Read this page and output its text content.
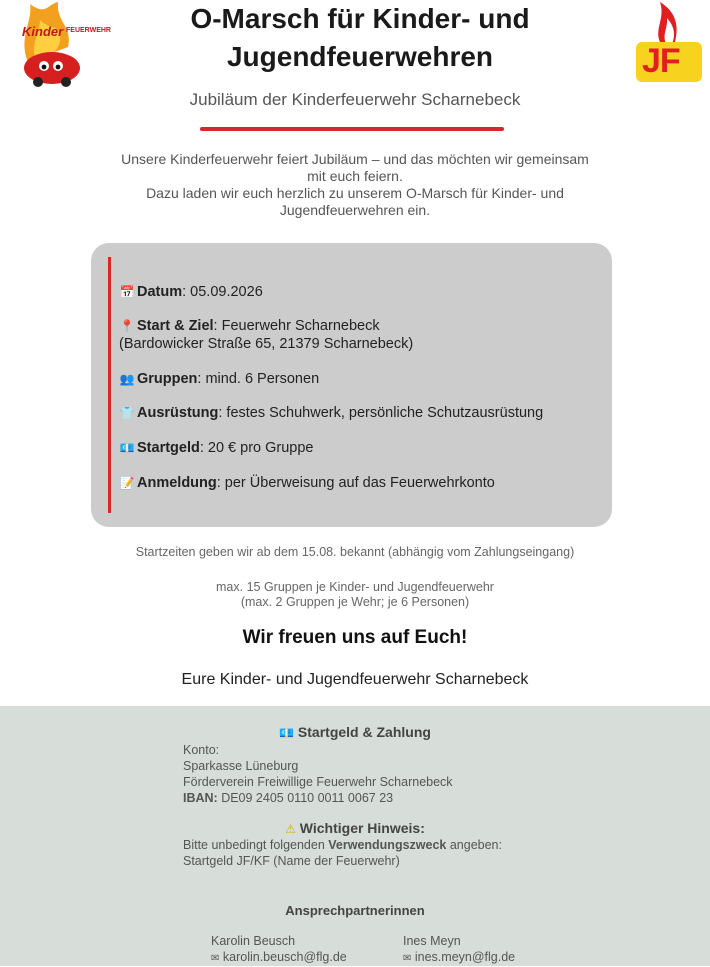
Kinder FEUERWEHR
JF
O-Marsch für Kinder- und
Jugendfeuerwehren

Jubiläum der Kinderfeuerwehr Scharnebeck

Unsere Kinderfeuerwehr feiert Jubiläum – und das möchten wir gemeinsam

mit euch feiern.

Dazu laden wir euch herzlich zu unserem O-Marsch für Kinder- und

Jugendfeuerwehren ein.

📅 Datum: 05.09.2026
📍 Start & Ziel: Feuerwehr Scharnebeck
(Bardowicker Straße 65, 21379 Scharnebeck)
👥 Gruppen: mind. 6 Personen
👕 Ausrüstung: festes Schuhwerk, persönliche Schutzausrüstung
💶 Startgeld: 20 € pro Gruppe
📝 Anmeldung: per Überweisung auf das Feuerwehrkonto
Startzeiten geben wir ab dem 15.08. bekannt (abhängig vom Zahlungseingang)

max. 15 Gruppen je Kinder- und Jugendfeuerwehr

(max. 2 Gruppen je Wehr; je 6 Personen)

Wir freuen uns auf Euch!
Eure Kinder- und Jugendfeuerwehr Scharnebeck
💶 Startgeld & Zahlung

Konto:

Sparkasse Lüneburg

Förderverein Freiwillige Feuerwehr Scharnebeck

IBAN: DE09 2405 0110 0011 0067 23

⚠ Wichtiger Hinweis:

Bitte unbedingt folgenden Verwendungszweck angeben:

Startgeld JF/KF (Name der Feuerwehr)

Ansprechpartnerinnen

Karolin Beusch

✉ karolin.beusch@flg.de

Ines Meyn

✉ ines.meyn@flg.de
